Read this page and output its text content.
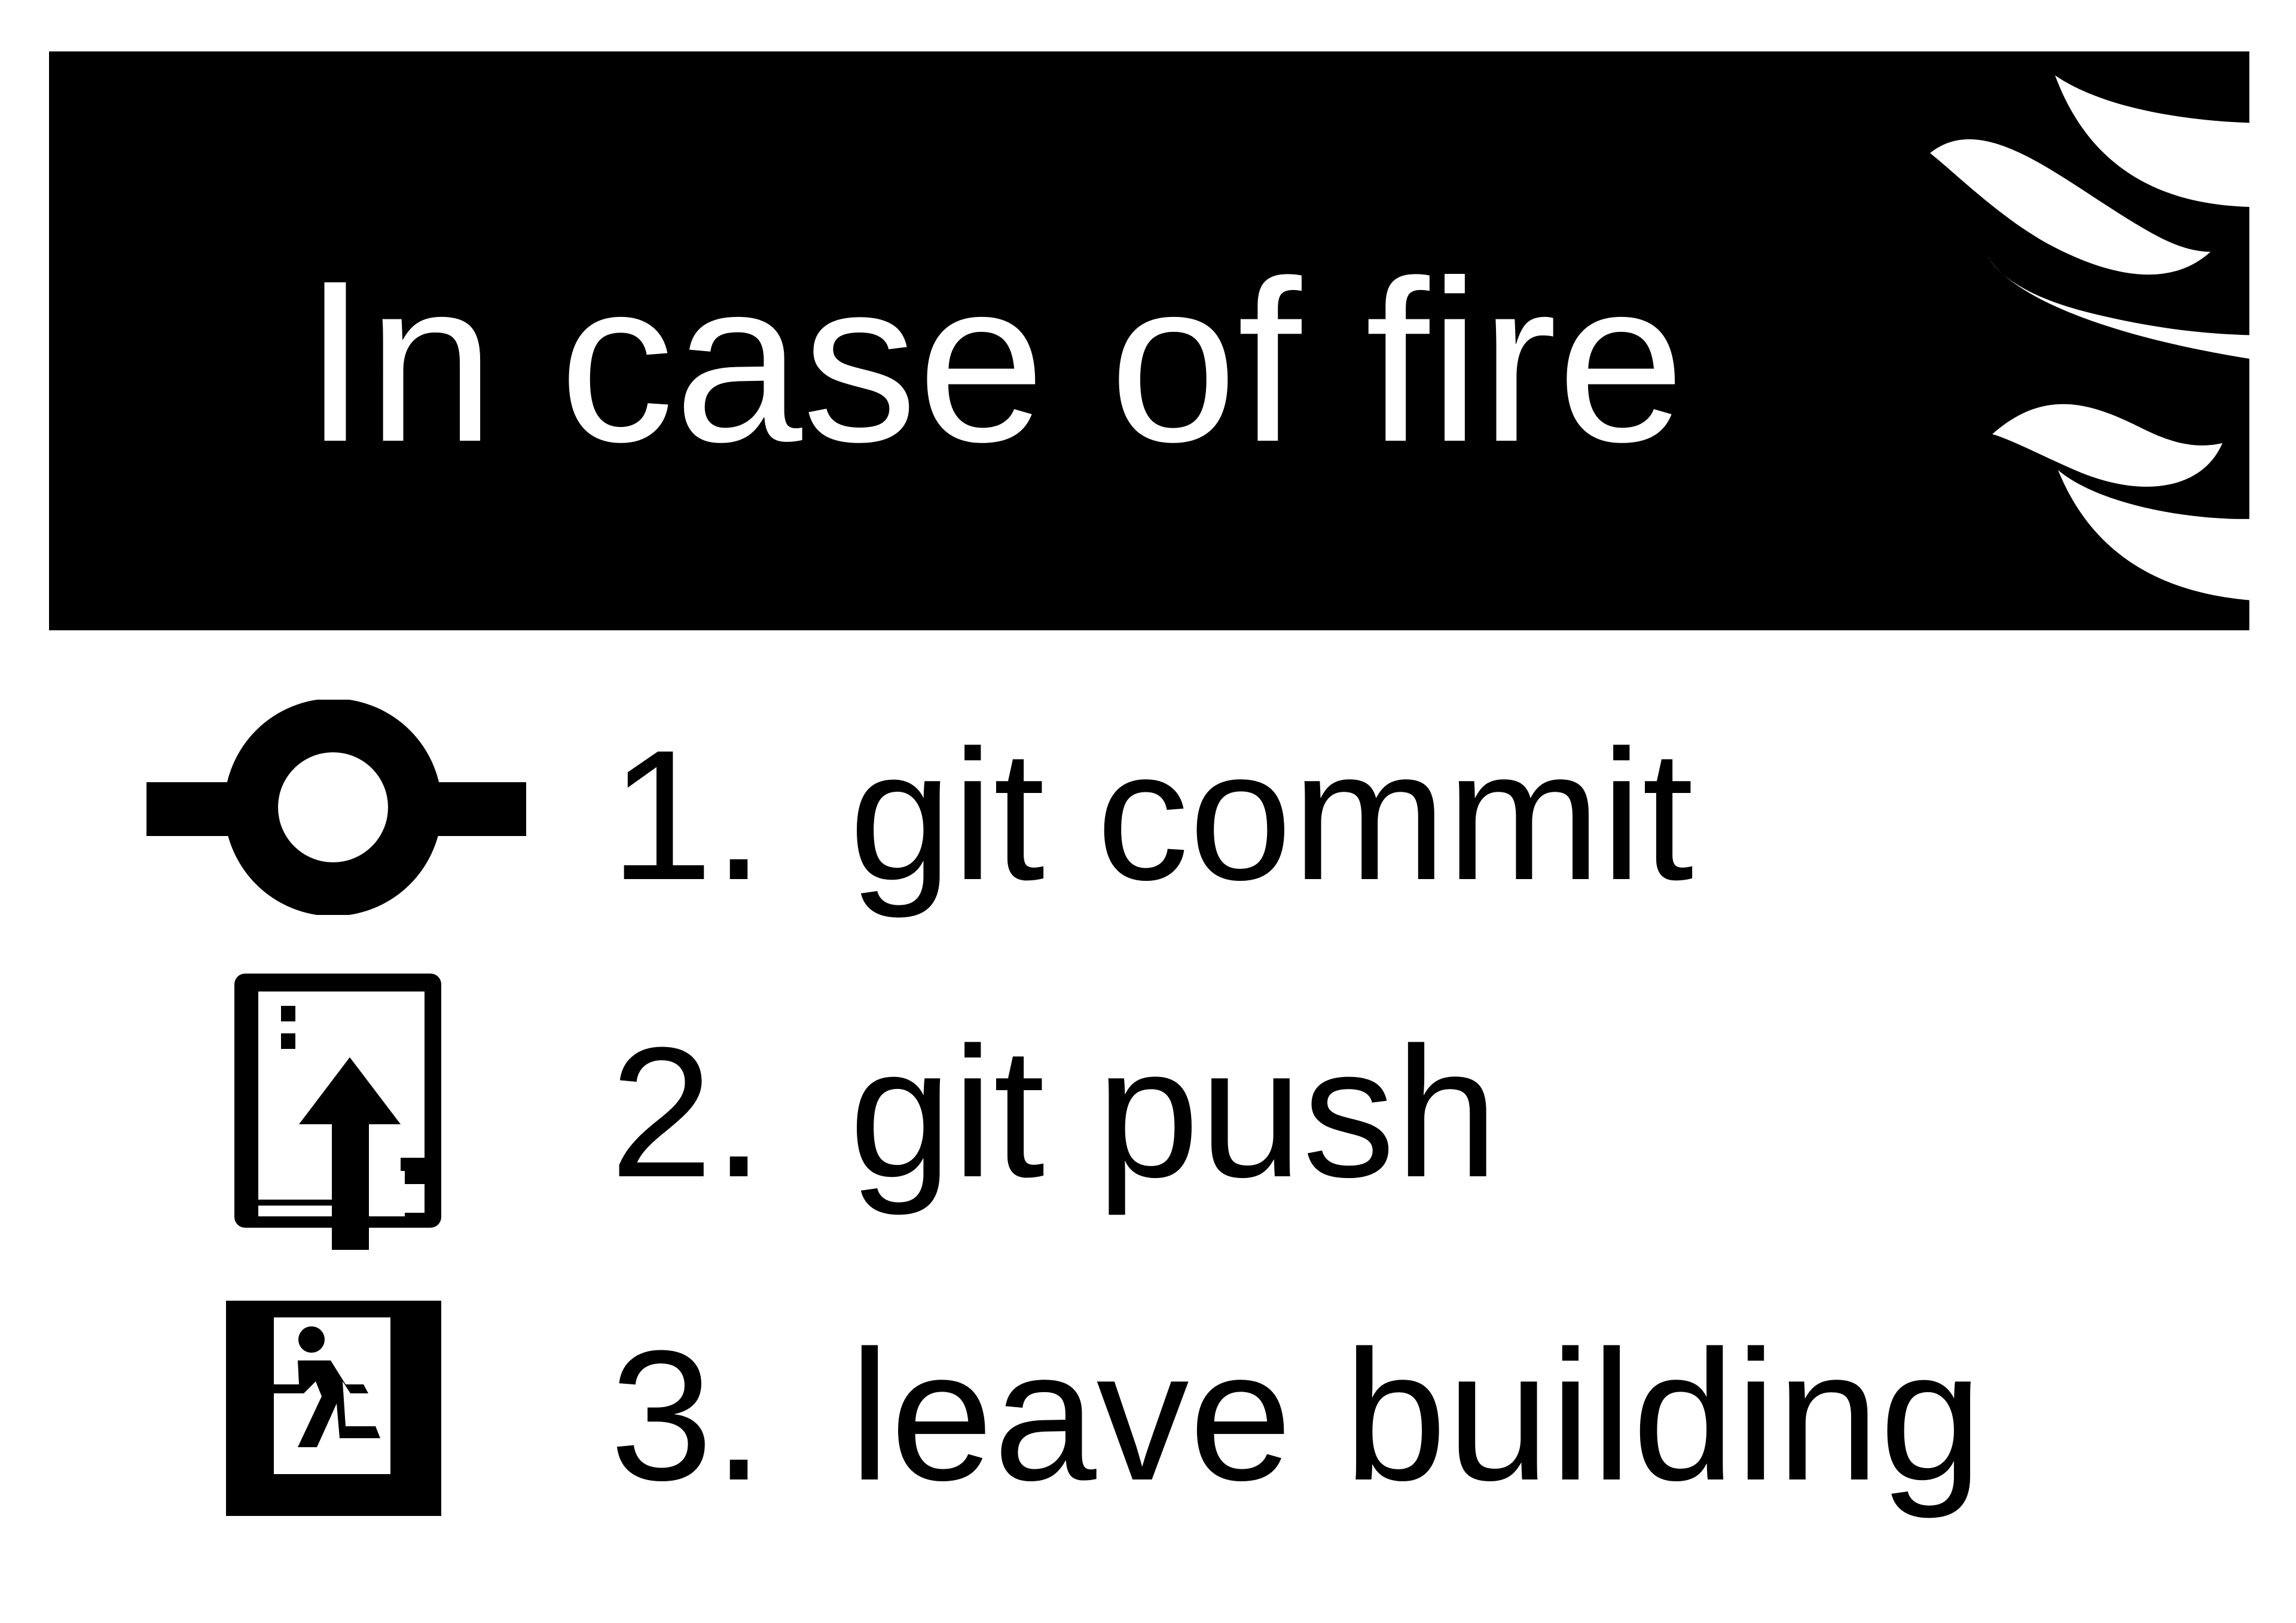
In case of fire
1. git commit
2. git push
3. leave building
